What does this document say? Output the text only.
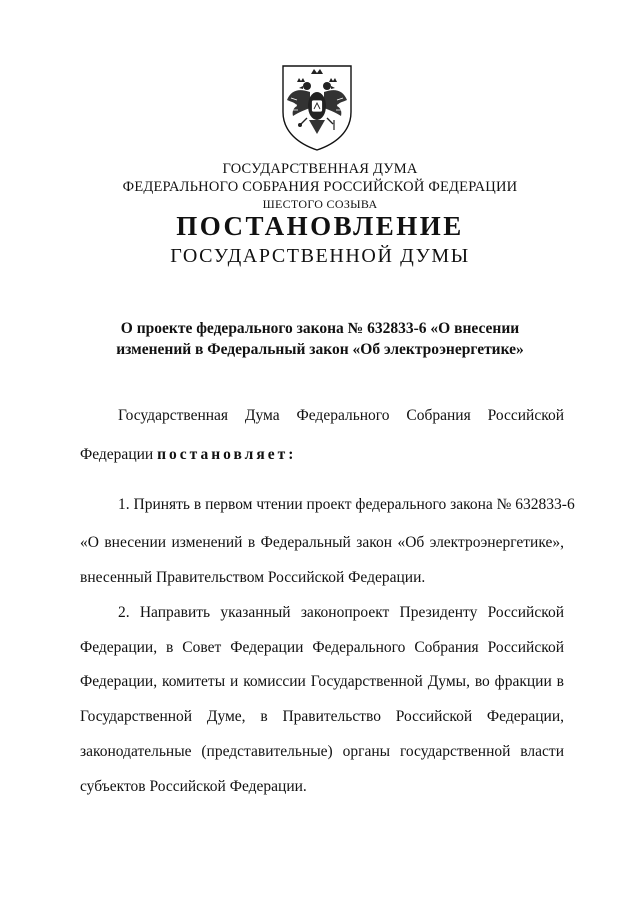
ГОСУДАРСТВЕННАЯ ДУМА
ФЕДЕРАЛЬНОГО СОБРАНИЯ РОССИЙСКОЙ ФЕДЕРАЦИИ
ШЕСТОГО СОЗЫВА
ПОСТАНОВЛЕНИЕ
ГОСУДАРСТВЕННОЙ ДУМЫ
О проекте федерального закона № 632833-6 «О внесении
изменений в Федеральный закон «Об электроэнергетике»
Государственная Дума Федерального Собрания Российской
Федерации постановляет:
1. Принять в первом чтении проект федерального закона № 632833-6
«О внесении изменений в Федеральный закон «Об электроэнергетике»,
внесенный Правительством Российской Федерации.
2. Направить указанный законопроект Президенту Российской
Федерации, в Совет Федерации Федерального Собрания Российской
Федерации, комитеты и комиссии Государственной Думы, во фракции в
Государственной Думе, в Правительство Российской Федерации,
законодательные (представительные) органы государственной власти
субъектов Российской Федерации.
